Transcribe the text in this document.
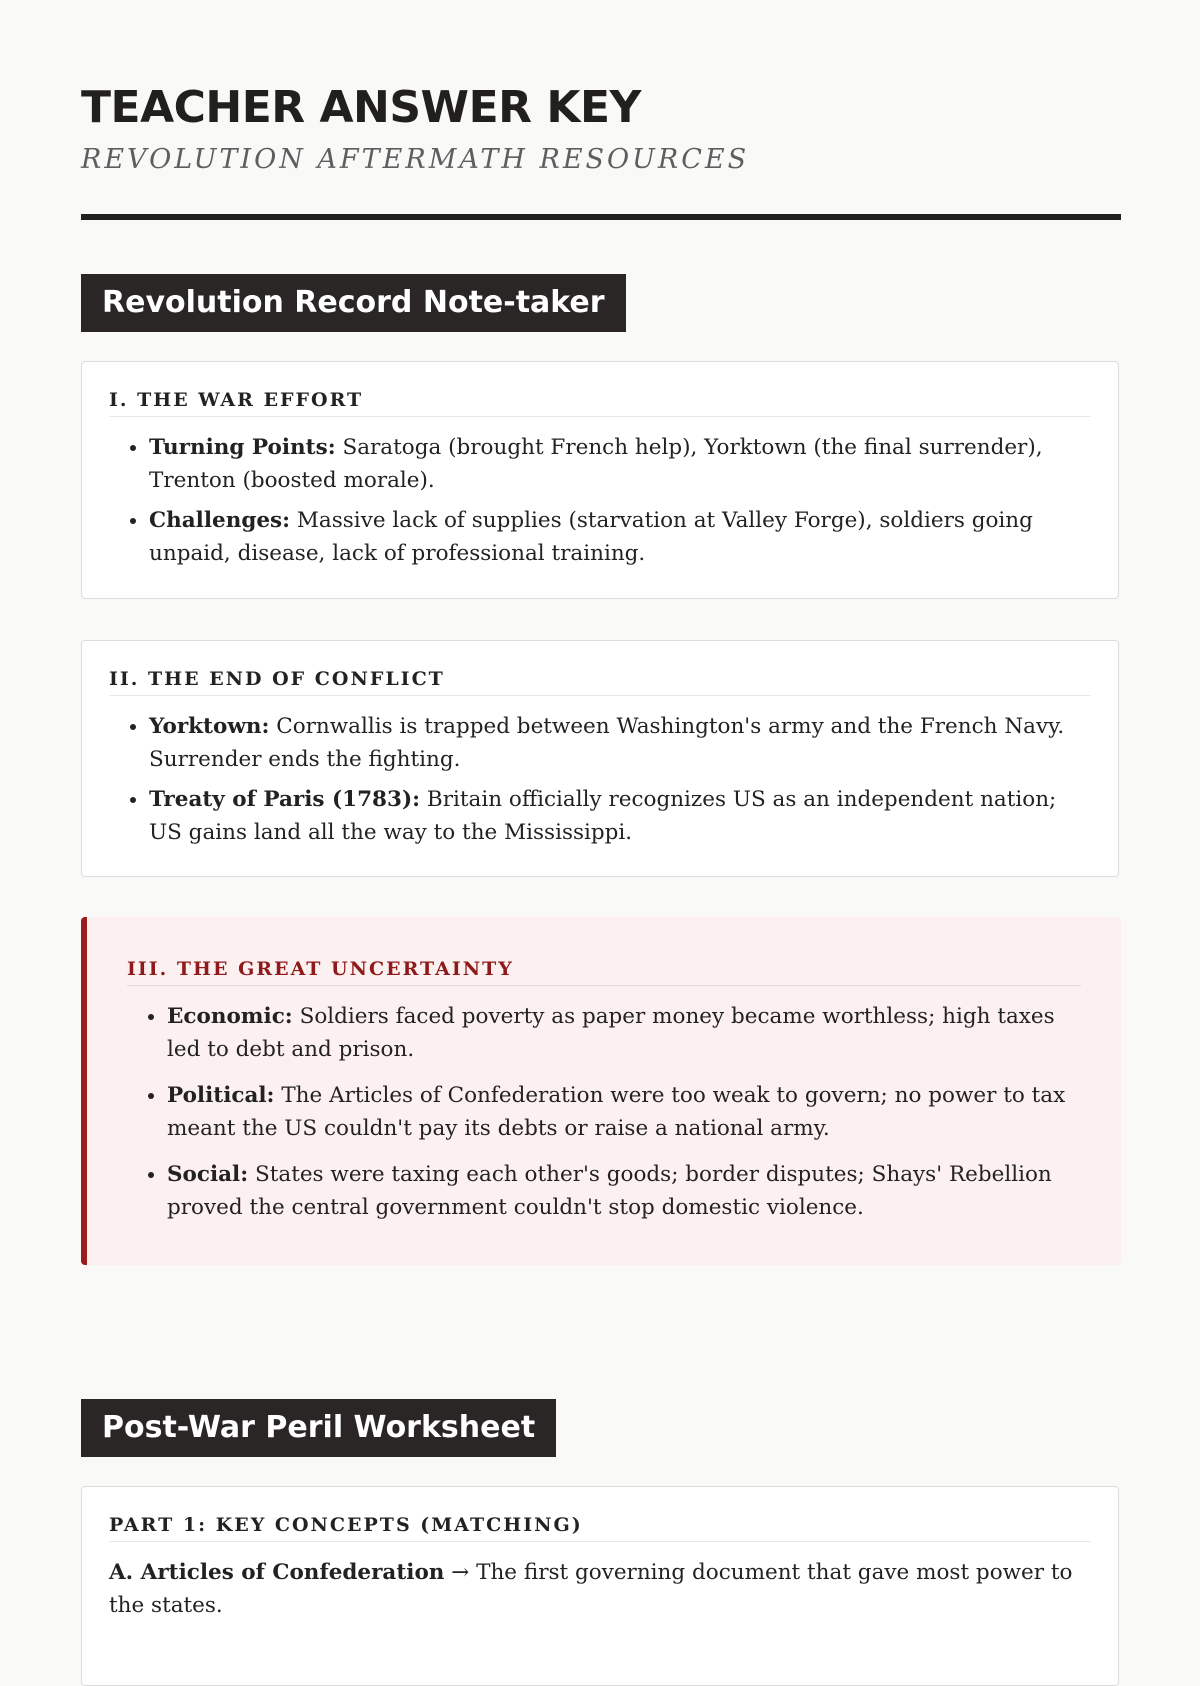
TEACHER ANSWER KEY
REVOLUTION AFTERMATH RESOURCES
Revolution Record Note-taker
I. THE WAR EFFORT
• Turning Points: Saratoga (brought French help), Yorktown (the final surrender), Trenton (boosted morale).
• Challenges: Massive lack of supplies (starvation at Valley Forge), soldiers going unpaid, disease, lack of professional training.
II. THE END OF CONFLICT
• Yorktown: Cornwallis is trapped between Washington's army and the French Navy. Surrender ends the fighting.
• Treaty of Paris (1783): Britain officially recognizes US as an independent nation; US gains land all the way to the Mississippi.
III. THE GREAT UNCERTAINTY
• Economic: Soldiers faced poverty as paper money became worthless; high taxes led to debt and prison.
• Political: The Articles of Confederation were too weak to govern; no power to tax meant the US couldn't pay its debts or raise a national army.
• Social: States were taxing each other's goods; border disputes; Shays' Rebellion proved the central government couldn't stop domestic violence.
Post-War Peril Worksheet
PART 1: KEY CONCEPTS (MATCHING)
A. Articles of Confederation → The first governing document that gave most power to the states.
